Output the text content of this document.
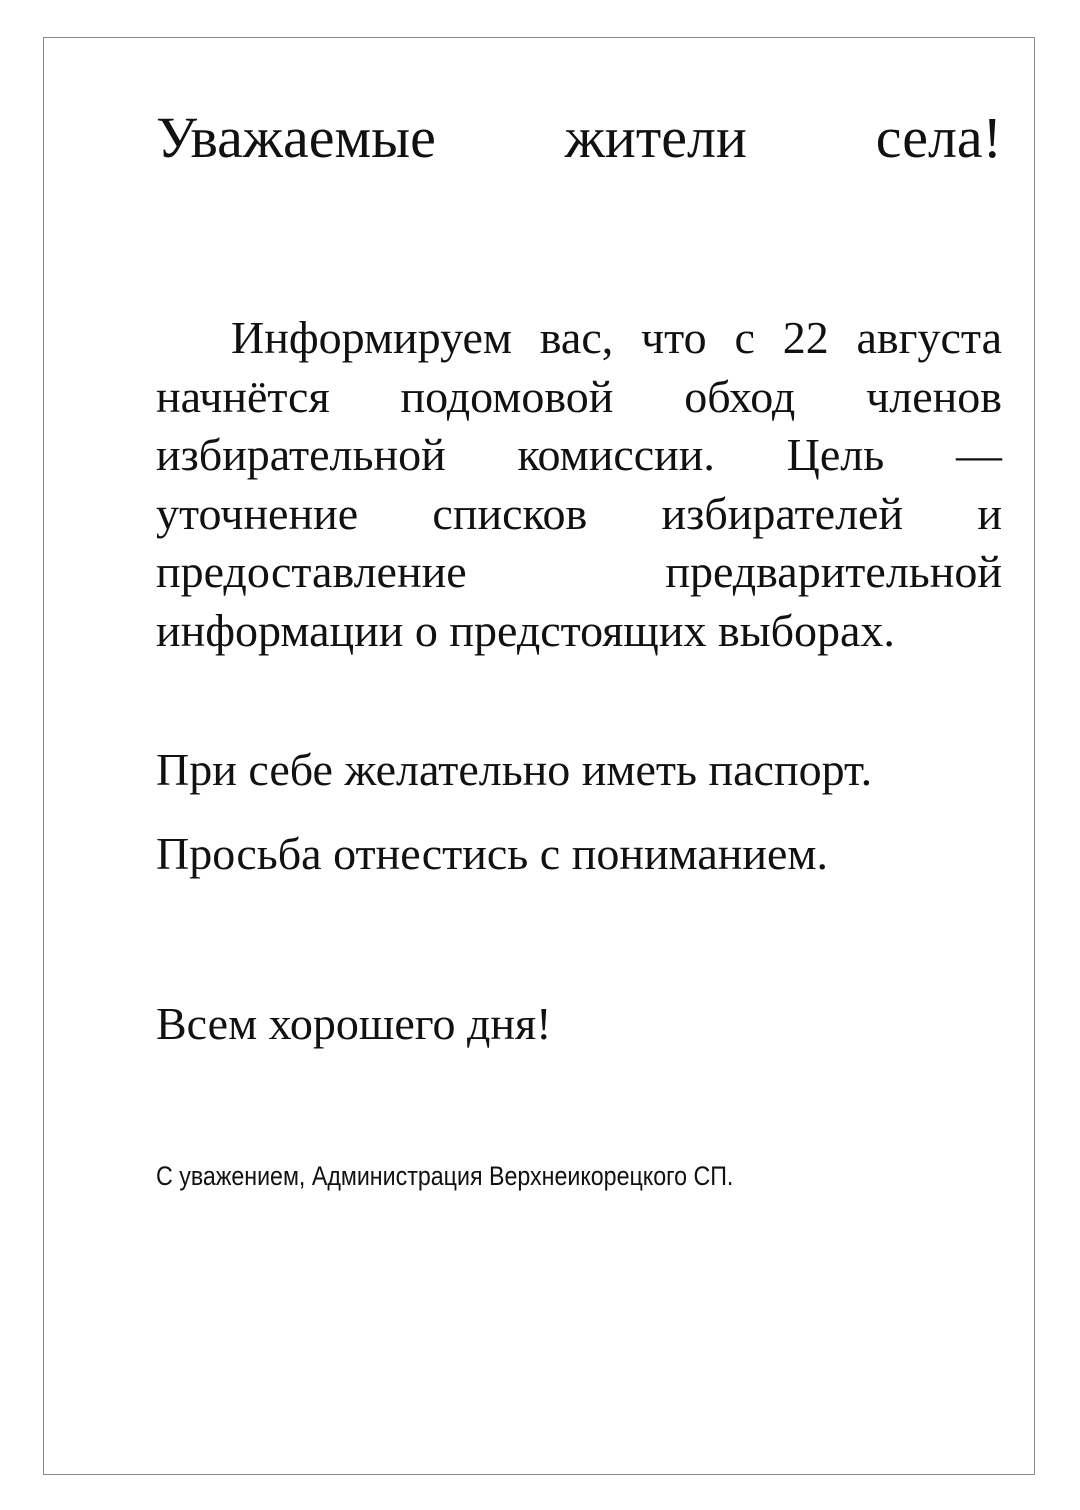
Уважаемые жители села!
Информируем вас, что с 22 августа начнётся подомовой обход членов избирательной комиссии. Цель — уточнение списков избирателей и предоставление предварительной информации о предстоящих выборах.
При себе желательно иметь паспорт.
Просьба отнестись с пониманием.
Всем хорошего дня!
С уважением, Администрация Верхнеикорецкого СП.
